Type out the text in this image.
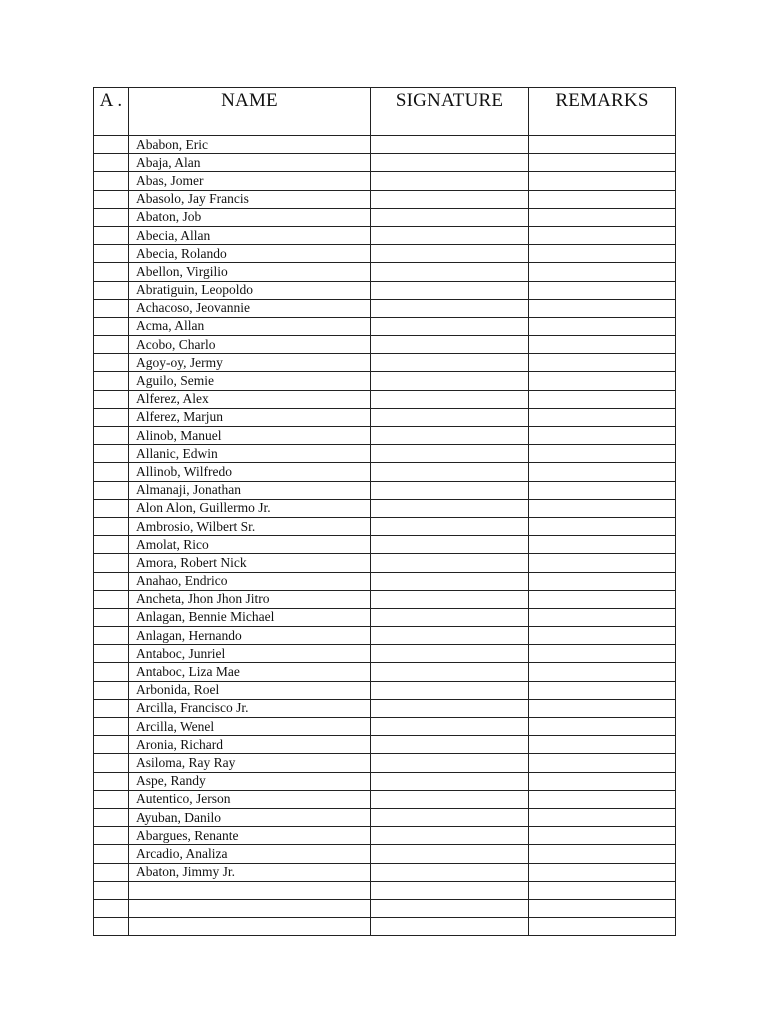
A .	NAME	SIGNATURE	REMARKS
	Ababon, Eric		
	Abaja, Alan		
	Abas, Jomer		
	Abasolo, Jay Francis		
	Abaton, Job		
	Abecia, Allan		
	Abecia, Rolando		
	Abellon, Virgilio		
	Abratiguin, Leopoldo		
	Achacoso, Jeovannie		
	Acma, Allan		
	Acobo, Charlo		
	Agoy-oy, Jermy		
	Aguilo, Semie		
	Alferez, Alex		
	Alferez, Marjun		
	Alinob, Manuel		
	Allanic, Edwin		
	Allinob, Wilfredo		
	Almanaji, Jonathan		
	Alon Alon, Guillermo Jr.		
	Ambrosio, Wilbert Sr.		
	Amolat, Rico		
	Amora, Robert Nick		
	Anahao, Endrico		
	Ancheta, Jhon Jhon Jitro		
	Anlagan, Bennie Michael		
	Anlagan, Hernando		
	Antaboc, Junriel		
	Antaboc, Liza Mae		
	Arbonida, Roel		
	Arcilla, Francisco Jr.		
	Arcilla, Wenel		
	Aronia, Richard		
	Asiloma, Ray Ray		
	Aspe, Randy		
	Autentico, Jerson		
	Ayuban, Danilo		
	Abargues, Renante		
	Arcadio, Analiza		
	Abaton, Jimmy Jr.		
